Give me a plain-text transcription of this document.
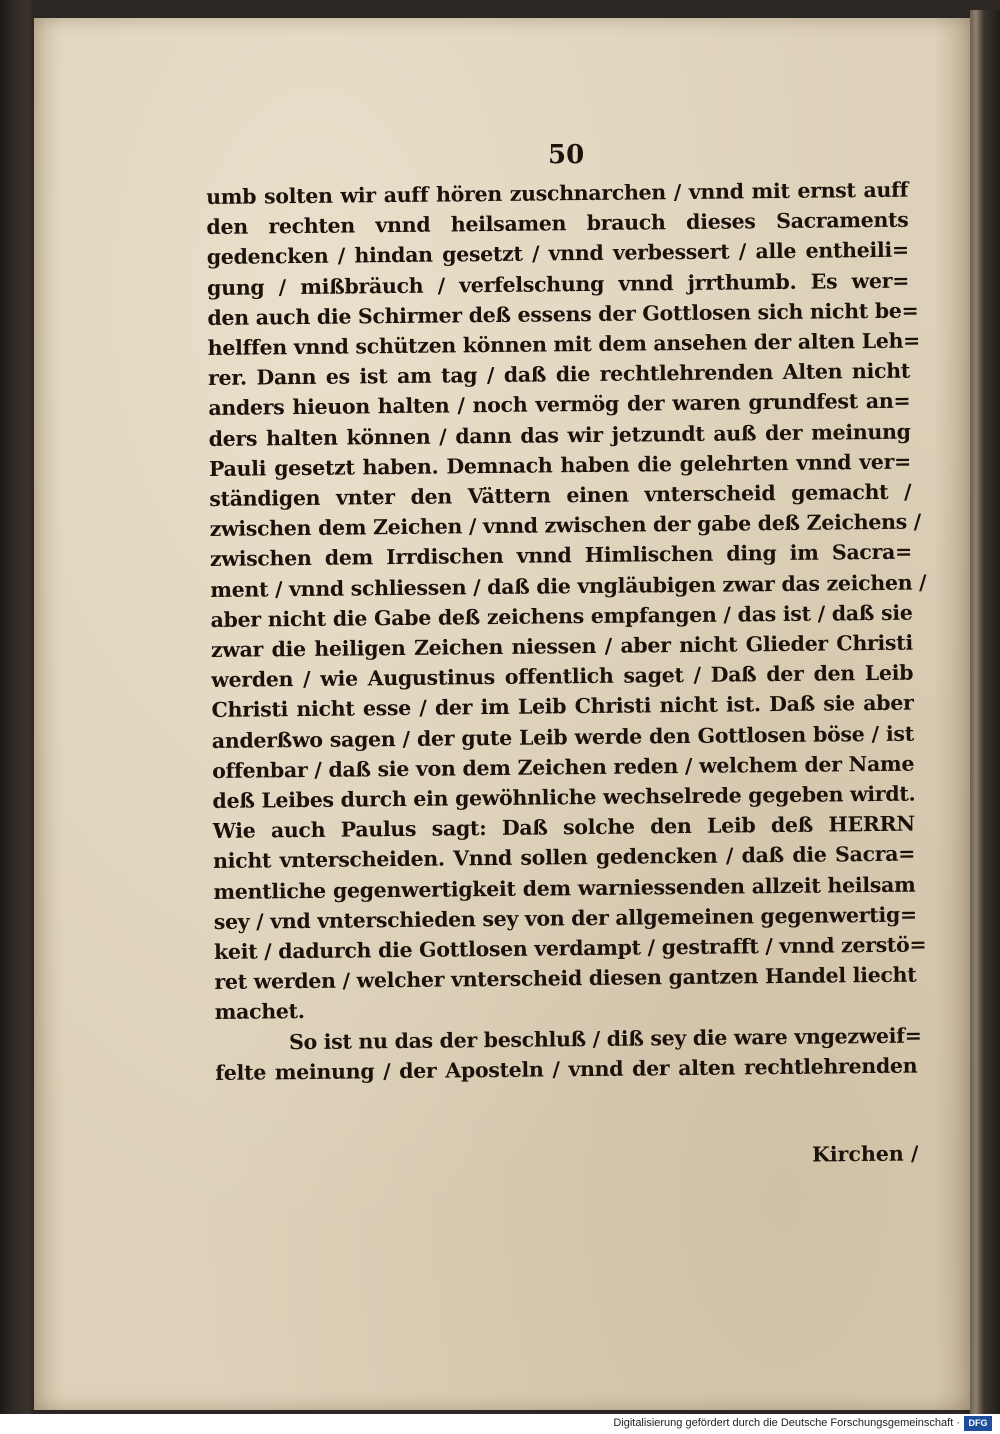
50
umb solten wir auff hören zuschnarchen / vnnd mit ernst auff
den rechten vnnd heilsamen brauch dieses Sacraments
gedencken / hindan gesetzt / vnnd verbessert / alle entheili=
gung / mißbräuch / verfelschung vnnd jrrthumb. Es wer=
den auch die Schirmer deß essens der Gottlosen sich nicht be=
helffen vnnd schützen können mit dem ansehen der alten Leh=
rer. Dann es ist am tag / daß die rechtlehrenden Alten nicht
anders hieuon halten / noch vermög der waren grundfest an=
ders halten können / dann das wir jetzundt auß der meinung
Pauli gesetzt haben. Demnach haben die gelehrten vnnd ver=
ständigen vnter den Vättern einen vnterscheid gemacht /
zwischen dem Zeichen / vnnd zwischen der gabe deß Zeichens /
zwischen dem Irrdischen vnnd Himlischen ding im Sacra=
ment / vnnd schliessen / daß die vngläubigen zwar das zeichen /
aber nicht die Gabe deß zeichens empfangen / das ist / daß sie
zwar die heiligen Zeichen niessen / aber nicht Glieder Christi
werden / wie Augustinus offentlich saget / Daß der den Leib
Christi nicht esse / der im Leib Christi nicht ist. Daß sie aber
anderßwo sagen / der gute Leib werde den Gottlosen böse / ist
offenbar / daß sie von dem Zeichen reden / welchem der Name
deß Leibes durch ein gewöhnliche wechselrede gegeben wirdt.
Wie auch Paulus sagt: Daß solche den Leib deß HERRN
nicht vnterscheiden. Vnnd sollen gedencken / daß die Sacra=
mentliche gegenwertigkeit dem warniessenden allzeit heilsam
sey / vnd vnterschieden sey von der allgemeinen gegenwertig=
keit / dadurch die Gottlosen verdampt / gestrafft / vnnd zerstö=
ret werden / welcher vnterscheid diesen gantzen Handel liecht
machet.
So ist nu das der beschluß / diß sey die ware vngezweif=
felte meinung / der Aposteln / vnnd der alten rechtlehrenden
Kirchen /
Digitalisierung gefördert durch die Deutsche Forschungsgemeinschaft · DFG
